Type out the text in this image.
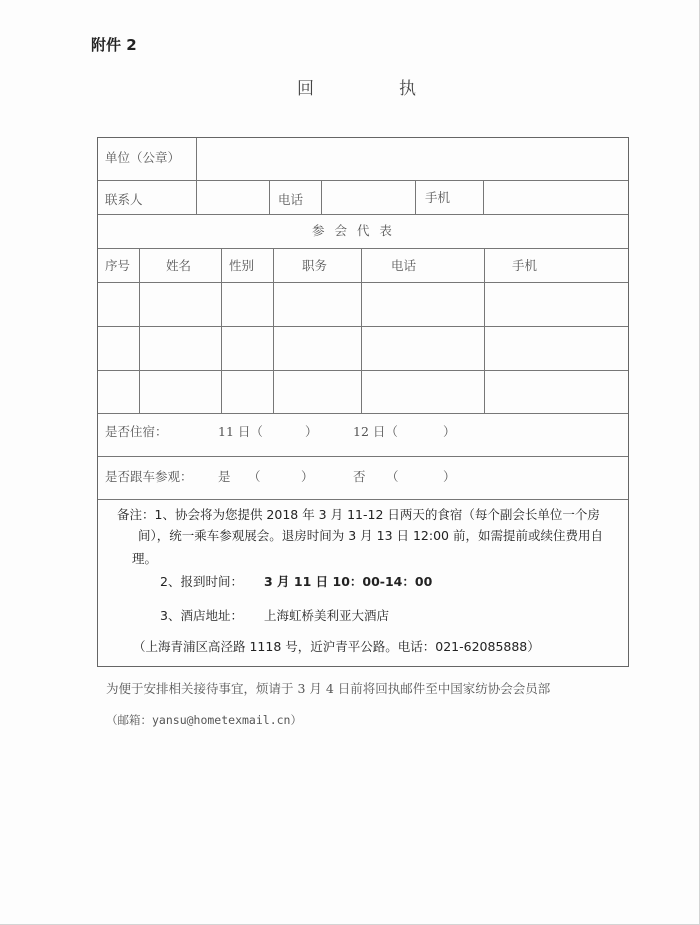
附件 2
回	执
单位（公章）
联系人	电话	手机
参 会 代 表
序号	姓名	性别	职务	电话	手机
是否住宿：	11 日（	）	12 日（	）
是否跟车参观： 是 （	）	否 （	）
备注：1、协会将为您提供 2018 年 3 月 11-12 日两天的食宿（每个副会长单位一个房
间），统一乘车参观展会。退房时间为 3 月 13 日 12:00 前，如需提前或续住费用自
理。
2、报到时间： 3 月 11 日 10：00-14：00
3、酒店地址： 上海虹桥美利亚大酒店
（上海青浦区高泾路 1118 号，近沪青平公路。电话：021-62085888）
为便于安排相关接待事宜，烦请于 3 月 4 日前将回执邮件至中国家纺协会会员部
（邮箱：yansu@hometexmail.cn）
